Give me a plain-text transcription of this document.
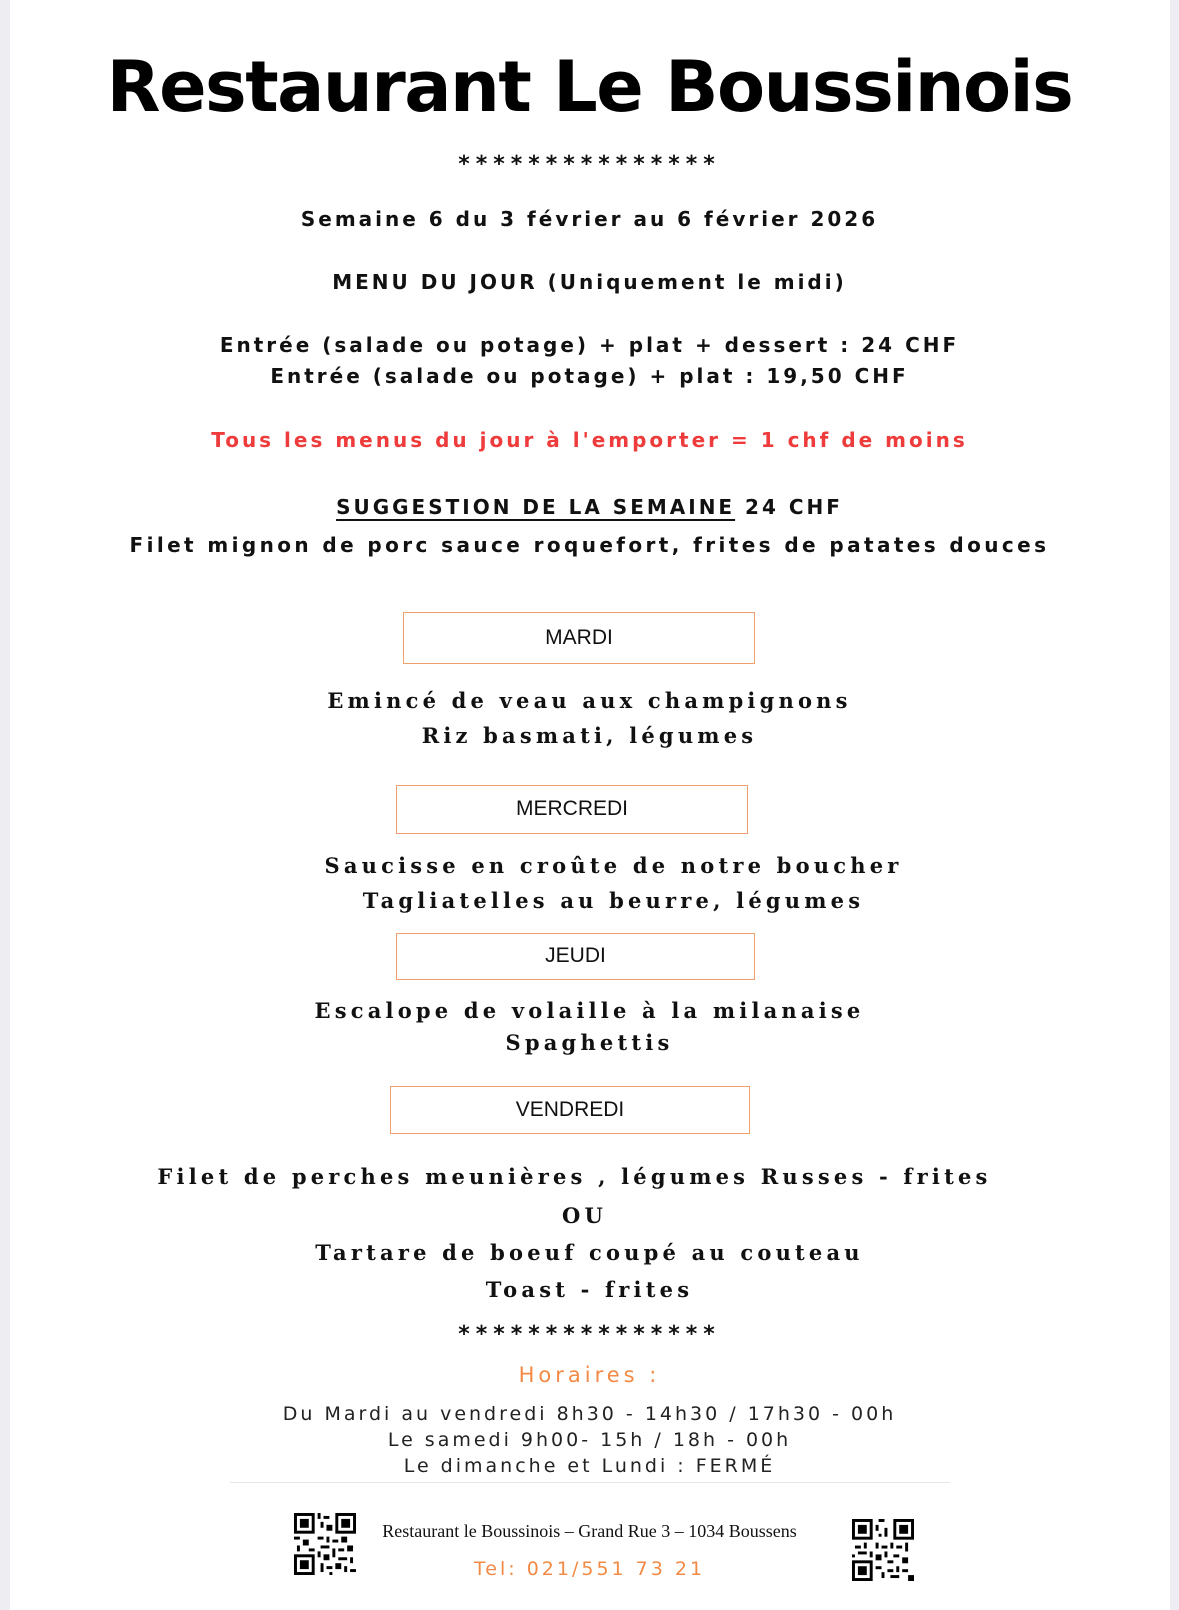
Restaurant Le Boussinois
***************
Semaine 6 du 3 février au 6 février 2026
MENU DU JOUR (Uniquement le midi)
Entrée (salade ou potage) + plat + dessert : 24 CHF
Entrée (salade ou potage) + plat : 19,50 CHF
Tous les menus du jour à l'emporter = 1 chf de moins
SUGGESTION DE LA SEMAINE 24 CHF
Filet mignon de porc sauce roquefort, frites de patates douces
MARDI
Emincé de veau aux champignons
Riz basmati, légumes
MERCREDI
Saucisse en croûte de notre boucher
Tagliatelles au beurre, légumes
JEUDI
Escalope de volaille à la milanaise
Spaghettis
VENDREDI
Filet de perches meunières , légumes Russes - frites
OU
Tartare de boeuf coupé au couteau
Toast - frites
***************
Horaires :
Du Mardi au vendredi 8h30 - 14h30 / 17h30 - 00h
Le samedi 9h00- 15h / 18h - 00h
Le dimanche et Lundi : FERMÉ
Restaurant le Boussinois – Grand Rue 3 – 1034 Boussens
Tel: 021/551 73 21
